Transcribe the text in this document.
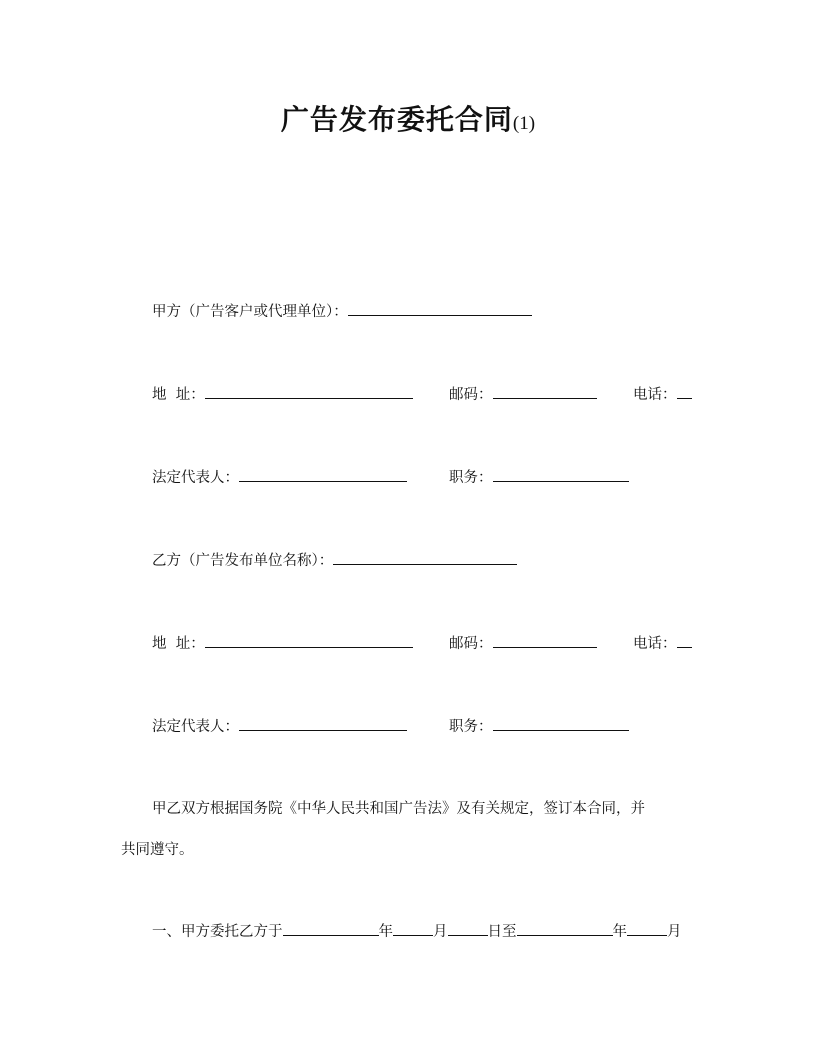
广告发布委托合同(1)
甲方（广告客户或代理单位）：
地  址：	邮码：	电话：
法定代表人：	职务：
乙方（广告发布单位名称）：
地  址：	邮码：	电话：
法定代表人：	职务：
甲乙双方根据国务院《中华人民共和国广告法》及有关规定，签订本合同，并
共同遵守。
一、甲方委托乙方于	年	月	日至	年	月
